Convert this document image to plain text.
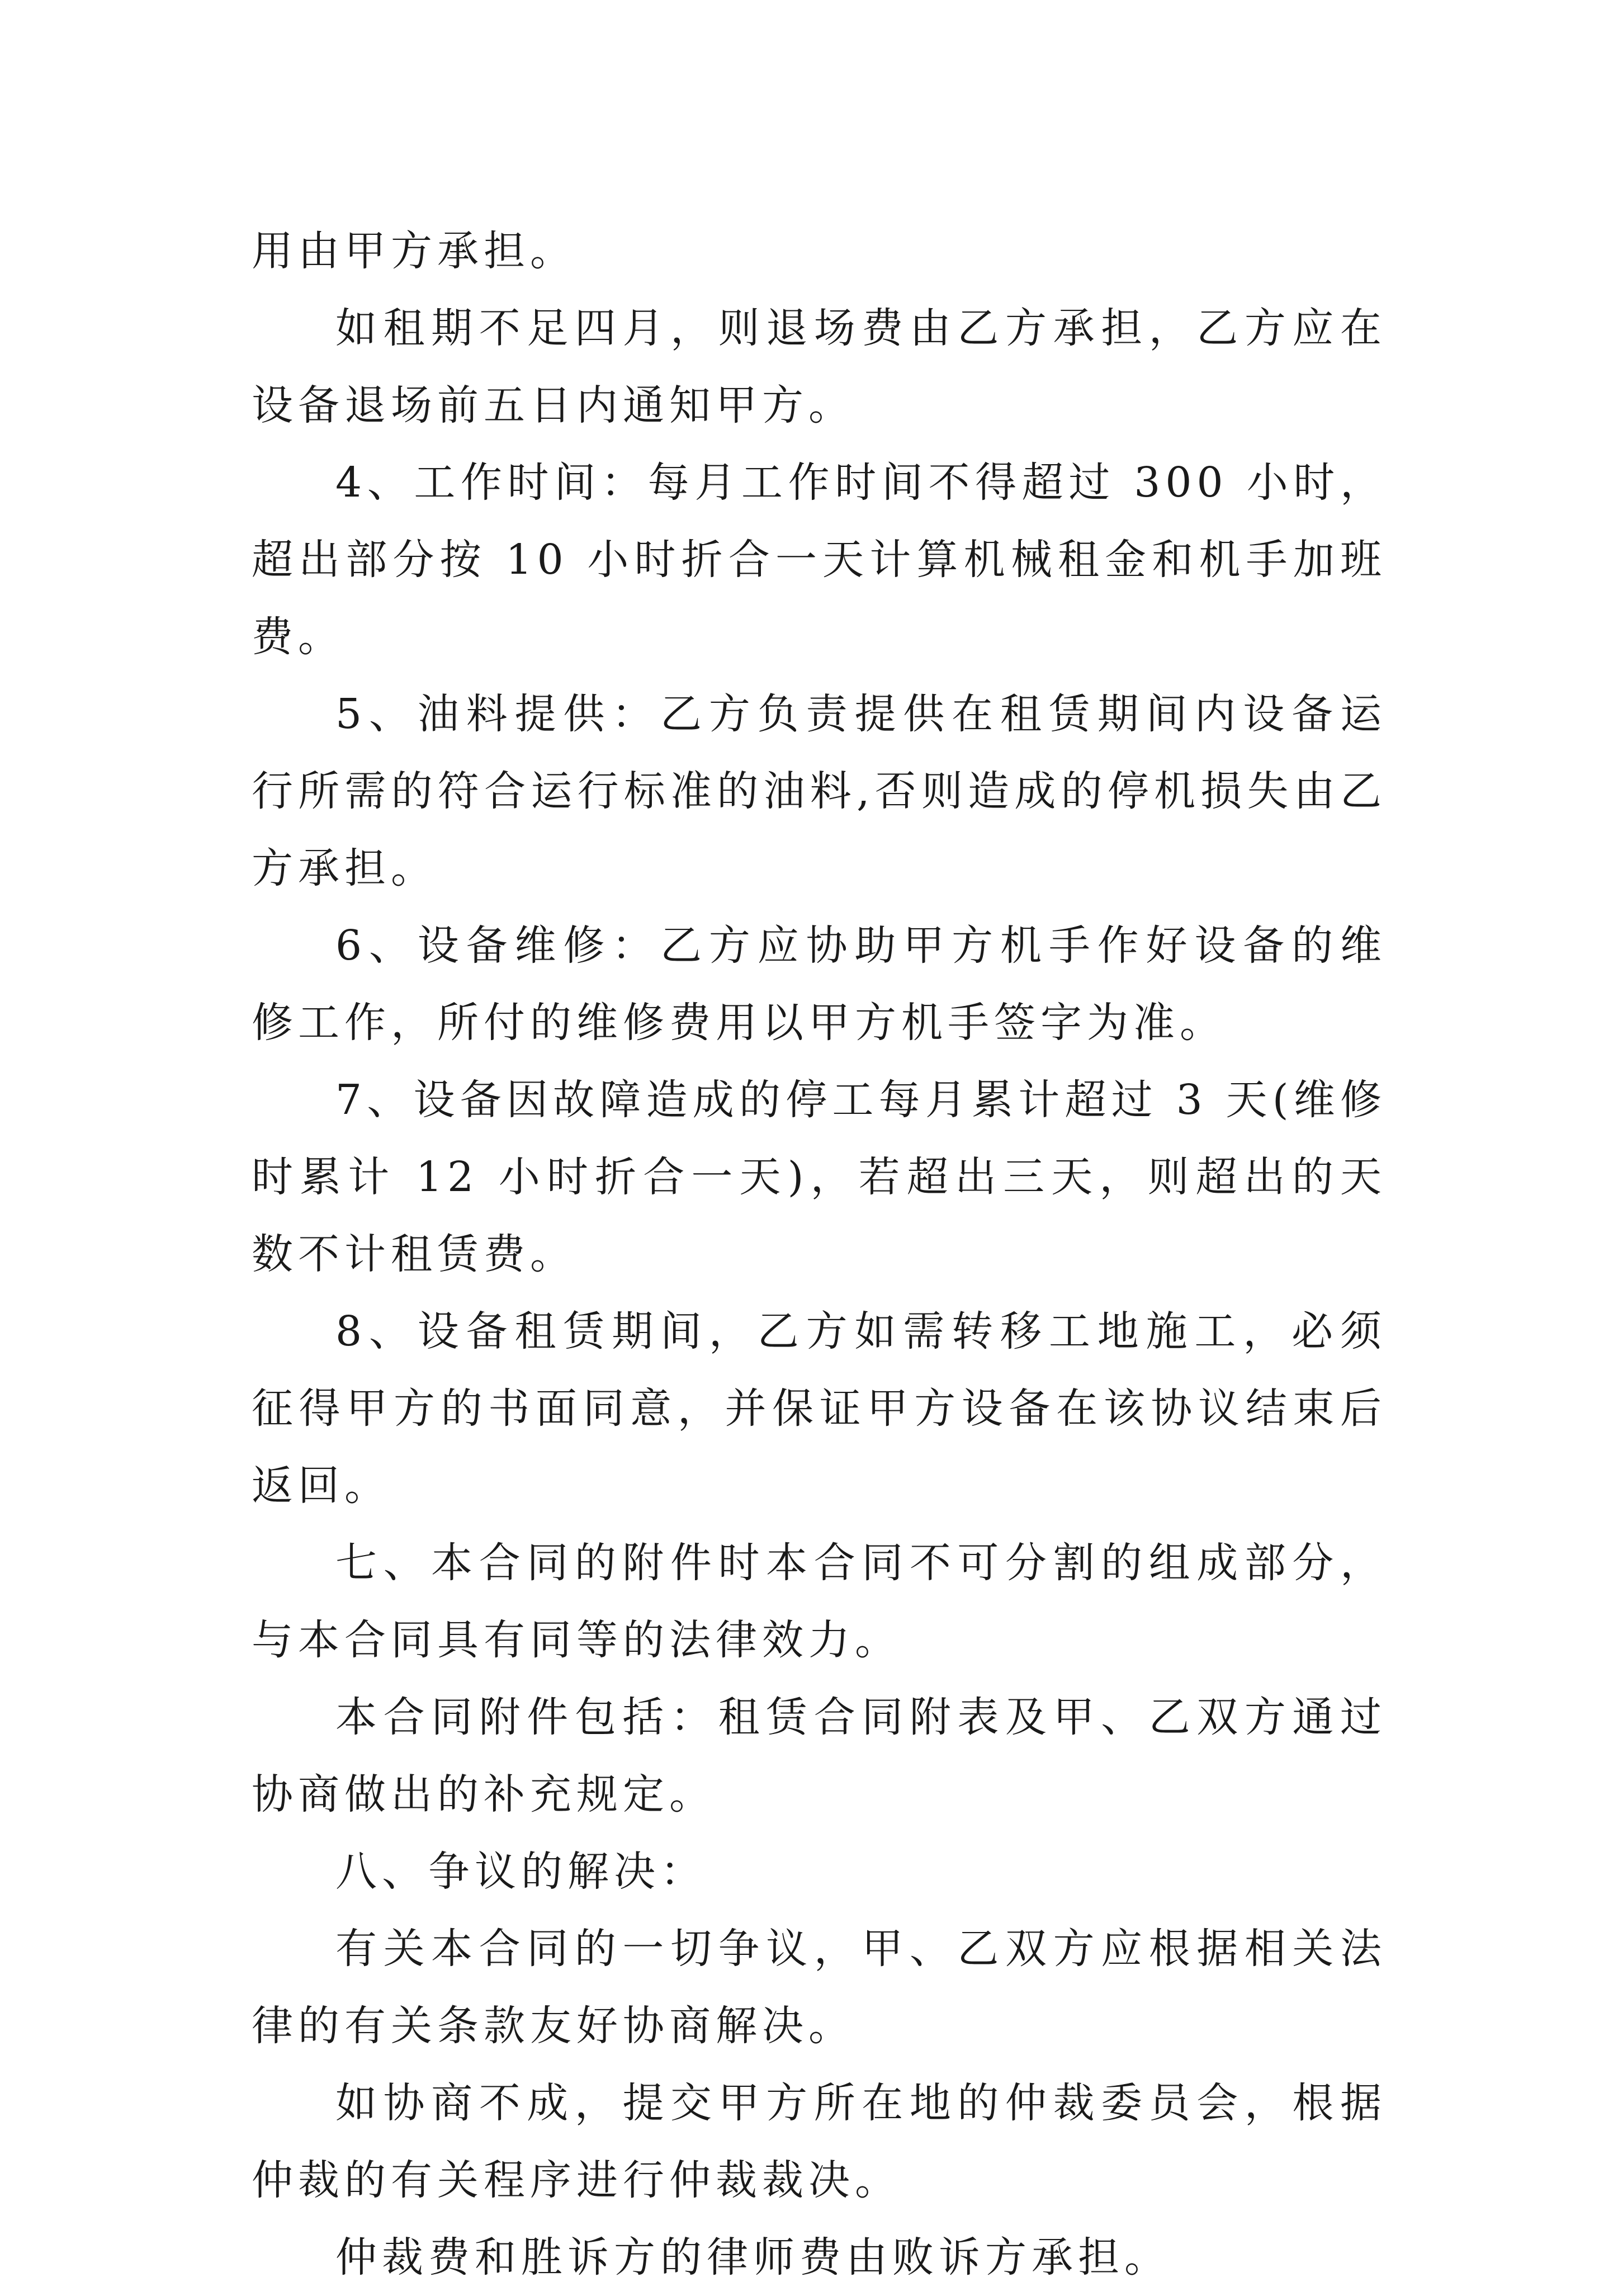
用由甲方承担。

如租期不足四月，则退场费由乙方承担，乙方应在设备退场前五日内通知甲方。

4、工作时间：每月工作时间不得超过 300 小时，超出部分按 10 小时折合一天计算机械租金和机手加班费。

5、油料提供：乙方负责提供在租赁期间内设备运行所需的符合运行标准的油料,否则造成的停机损失由乙方承担。

6、设备维修：乙方应协助甲方机手作好设备的维修工作，所付的维修费用以甲方机手签字为准。

7、设备因故障造成的停工每月累计超过 3 天(维修时累计 12 小时折合一天)，若超出三天，则超出的天数不计租赁费。

8、设备租赁期间，乙方如需转移工地施工，必须征得甲方的书面同意，并保证甲方设备在该协议结束后返回。

七、本合同的附件时本合同不可分割的组成部分，与本合同具有同等的法律效力。

本合同附件包括：租赁合同附表及甲、乙双方通过协商做出的补充规定。

八、争议的解决：

有关本合同的一切争议，甲、乙双方应根据相关法律的有关条款友好协商解决。

如协商不成，提交甲方所在地的仲裁委员会，根据仲裁的有关程序进行仲裁裁决。

仲裁费和胜诉方的律师费由败诉方承担。
